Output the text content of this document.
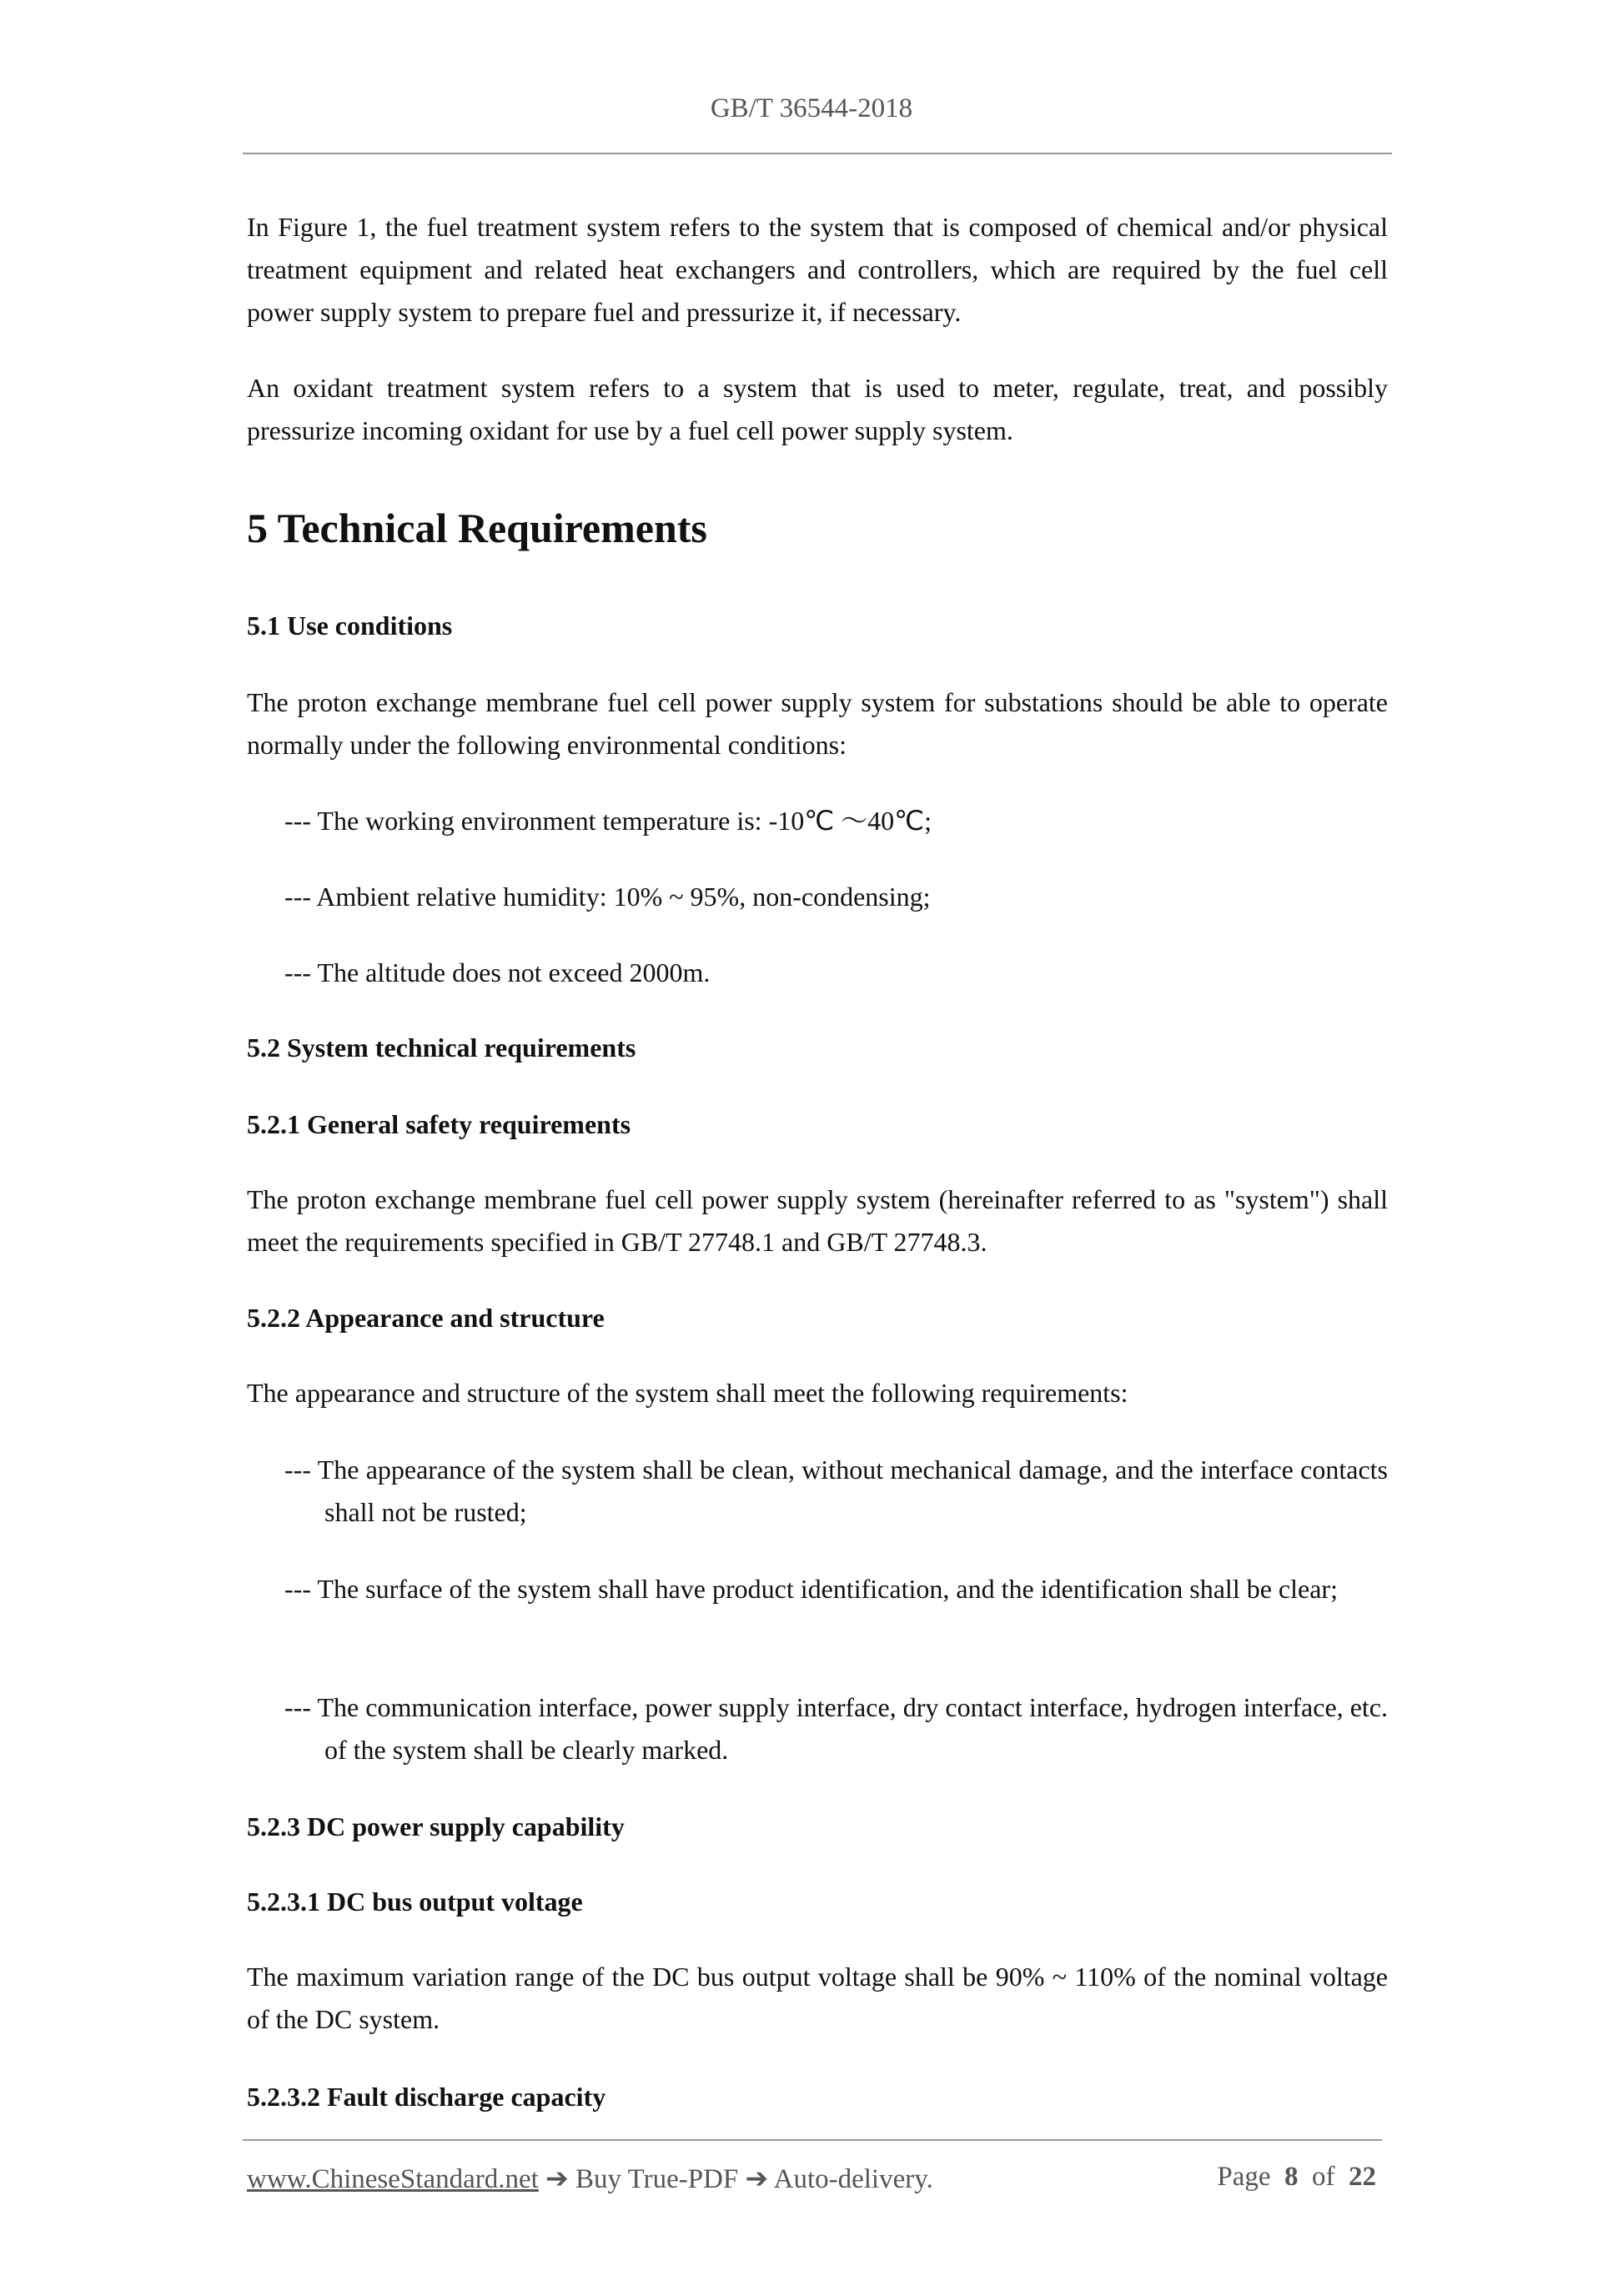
GB/T 36544-2018
In Figure 1, the fuel treatment system refers to the system that is composed of chemical and/or physical treatment equipment and related heat exchangers and controllers, which are required by the fuel cell power supply system to prepare fuel and pressurize it, if necessary.
An oxidant treatment system refers to a system that is used to meter, regulate, treat, and possibly pressurize incoming oxidant for use by a fuel cell power supply system.
5 Technical Requirements
5.1 Use conditions
The proton exchange membrane fuel cell power supply system for substations should be able to operate normally under the following environmental conditions:
--- The working environment temperature is: -10℃ ～40℃;
--- Ambient relative humidity: 10% ~ 95%, non-condensing;
--- The altitude does not exceed 2000m.
5.2 System technical requirements
5.2.1 General safety requirements
The proton exchange membrane fuel cell power supply system (hereinafter referred to as "system") shall meet the requirements specified in GB/T 27748.1 and GB/T 27748.3.
5.2.2 Appearance and structure
The appearance and structure of the system shall meet the following requirements:
--- The appearance of the system shall be clean, without mechanical damage, and the interface contacts shall not be rusted;
--- The surface of the system shall have product identification, and the identification shall be clear;
--- The communication interface, power supply interface, dry contact interface, hydrogen interface, etc. of the system shall be clearly marked.
5.2.3 DC power supply capability
5.2.3.1 DC bus output voltage
The maximum variation range of the DC bus output voltage shall be 90% ~ 110% of the nominal voltage of the DC system.
5.2.3.2 Fault discharge capacity
www.ChineseStandard.net ➔ Buy True-PDF ➔ Auto-delivery.	Page 8 of 22
